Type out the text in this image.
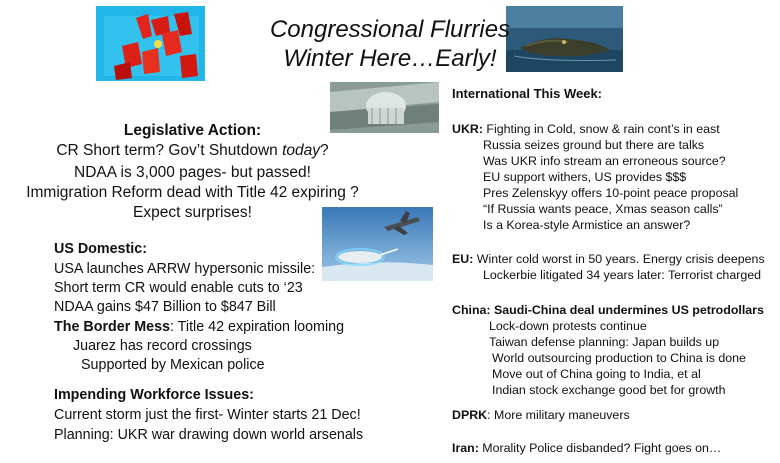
Congressional Flurries
Winter Here…Early!
Legislative Action:
CR Short term? Gov’t Shutdown today?
NDAA is 3,000 pages- but passed!
Immigration Reform dead with Title 42 expiring ?
Expect surprises!
US Domestic:
USA launches ARRW hypersonic missile:
Short term CR would enable cuts to ‘23
NDAA gains $47 Billion to $847 Bill
The Border Mess: Title 42 expiration looming
Juarez has record crossings
Supported by Mexican police
Impending Workforce Issues:
Current storm just the first- Winter starts 21 Dec!
Planning: UKR war drawing down world arsenals
International This Week:
UKR: Fighting in Cold, snow & rain cont’s in east
Russia seizes ground but there are talks
Was UKR info stream an erroneous source?
EU support withers, US provides $$$
Pres Zelenskyy offers 10-point peace proposal
“If Russia wants peace, Xmas season calls”
Is a Korea-style Armistice an answer?
EU: Winter cold worst in 50 years. Energy crisis deepens
Lockerbie litigated 34 years later: Terrorist charged
China: Saudi-China deal undermines US petrodollars
Lock-down protests continue
Taiwan defense planning: Japan builds up
World outsourcing production to China is done
Move out of China going to India, et al
Indian stock exchange good bet for growth
DPRK: More military maneuvers
Iran: Morality Police disbanded? Fight goes on…
